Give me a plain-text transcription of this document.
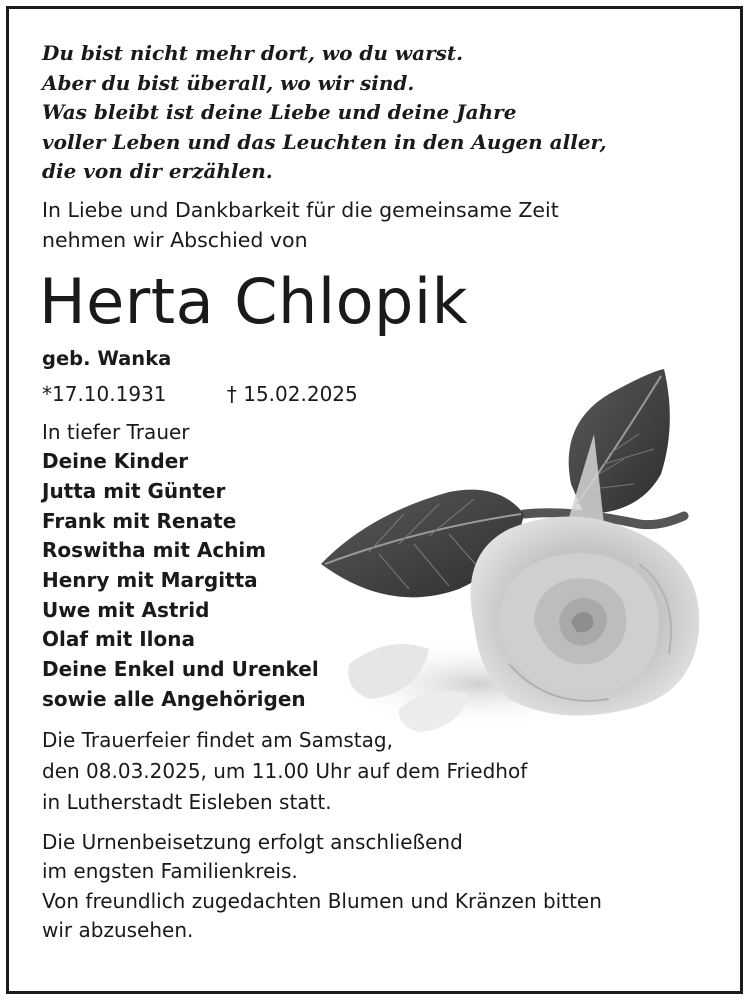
Du bist nicht mehr dort, wo du warst.
Aber du bist überall, wo wir sind.
Was bleibt ist deine Liebe und deine Jahre
voller Leben und das Leuchten in den Augen aller,
die von dir erzählen.
In Liebe und Dankbarkeit für die gemeinsame Zeit
nehmen wir Abschied von
Herta Chlopik
geb. Wanka
*17.10.1931	† 15.02.2025
In tiefer Trauer
Deine Kinder
Jutta mit Günter
Frank mit Renate
Roswitha mit Achim
Henry mit Margitta
Uwe mit Astrid
Olaf mit Ilona
Deine Enkel und Urenkel
sowie alle Angehörigen
Die Trauerfeier findet am Samstag,
den 08.03.2025, um 11.00 Uhr auf dem Friedhof
in Lutherstadt Eisleben statt.
Die Urnenbeisetzung erfolgt anschließend
im engsten Familienkreis.
Von freundlich zugedachten Blumen und Kränzen bitten
wir abzusehen.
